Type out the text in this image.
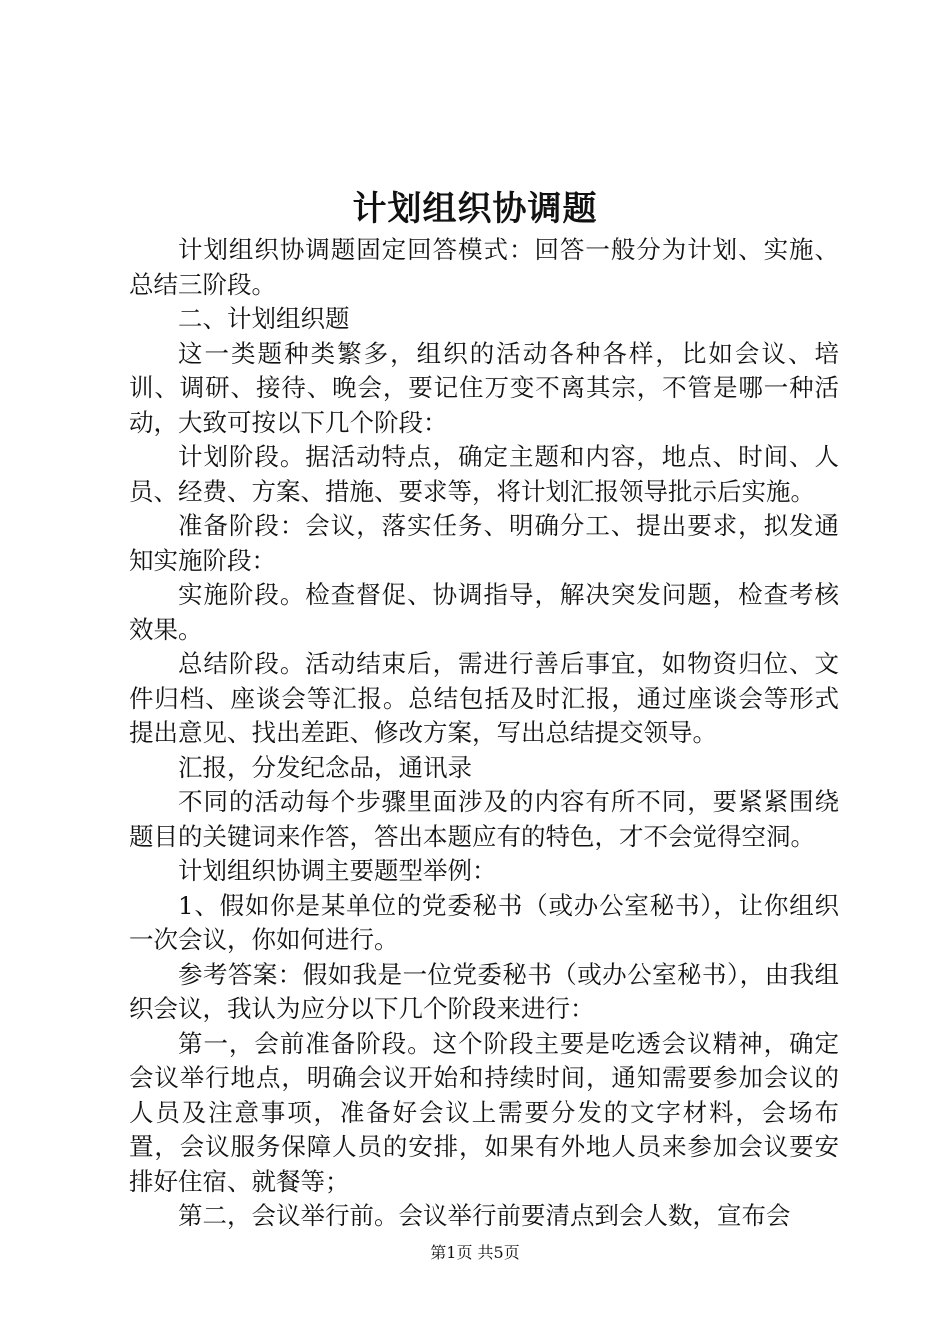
计划组织协调题

计划组织协调题固定回答模式：回答一般分为计划、实施、总结三阶段。

二、计划组织题

这一类题种类繁多，组织的活动各种各样，比如会议、培训、调研、接待、晚会，要记住万变不离其宗，不管是哪一种活动，大致可按以下几个阶段：

计划阶段。据活动特点，确定主题和内容，地点、时间、人员、经费、方案、措施、要求等，将计划汇报领导批示后实施。

准备阶段：会议，落实任务、明确分工、提出要求，拟发通知实施阶段：

实施阶段。检查督促、协调指导，解决突发问题，检查考核效果。

总结阶段。活动结束后，需进行善后事宜，如物资归位、文件归档、座谈会等汇报。总结包括及时汇报，通过座谈会等形式提出意见、找出差距、修改方案，写出总结提交领导。

汇报，分发纪念品，通讯录

不同的活动每个步骤里面涉及的内容有所不同，要紧紧围绕题目的关键词来作答，答出本题应有的特色，才不会觉得空洞。

计划组织协调主要题型举例：

1、假如你是某单位的党委秘书（或办公室秘书），让你组织一次会议，你如何进行。

参考答案：假如我是一位党委秘书（或办公室秘书），由我组织会议，我认为应分以下几个阶段来进行：

第一，会前准备阶段。这个阶段主要是吃透会议精神，确定会议举行地点，明确会议开始和持续时间，通知需要参加会议的人员及注意事项，准备好会议上需要分发的文字材料，会场布置，会议服务保障人员的安排，如果有外地人员来参加会议要安排好住宿、就餐等；

第二，会议举行前。会议举行前要清点到会人数，宣布会

第1页 共5页
